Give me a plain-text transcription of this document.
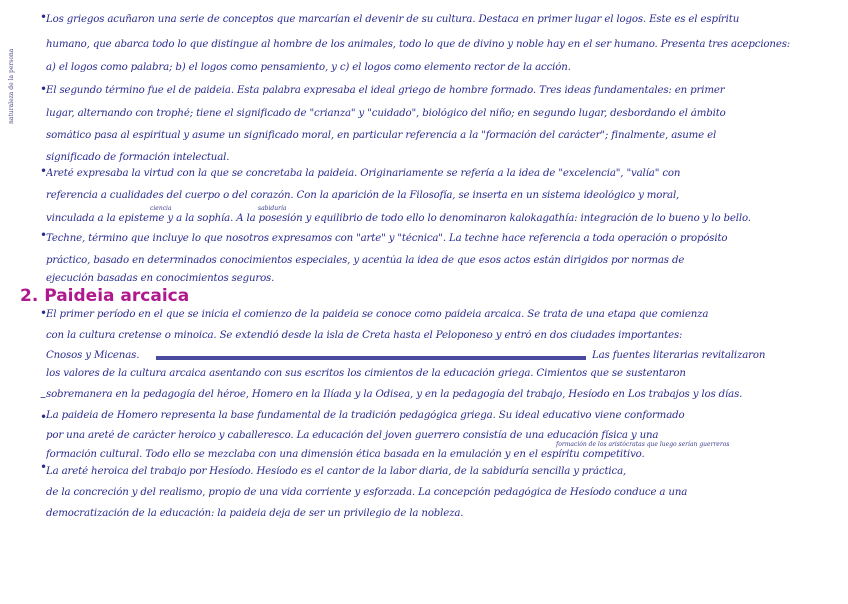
naturaleza de la persona
•
•
•
•
Los griegos acuñaron una serie de conceptos que marcarían el devenir de su cultura. Destaca en primer lugar el logos. Este es el espíritu
humano, que abarca todo lo que distingue al hombre de los animales, todo lo que de divino y noble hay en el ser humano. Presenta tres acepciones:
a) el logos como palabra; b) el logos como pensamiento, y c) el logos como elemento rector de la acción.
El segundo término fue el de paideia. Esta palabra expresaba el ideal griego de hombre formado. Tres ideas fundamentales: en primer
lugar, alternando con trophé; tiene el significado de "crianza" y "cuidado", biológico del niño; en segundo lugar, desbordando el ámbito
somático pasa al espiritual y asume un significado moral, en particular referencia a la "formación del carácter"; finalmente, asume el
significado de formación intelectual.
Areté expresaba la virtud con la que se concretaba la paideia. Originariamente se refería a la idea de "excelencia", "valía" con
referencia a cualidades del cuerpo o del corazón. Con la aparición de la Filosofía, se inserta en un sistema ideológico y moral,
ciencia	sabiduría
vinculada a la episteme y a la sophía. A la posesión y equilibrio de todo ello lo denominaron kalokagathía: integración de lo bueno y lo bello.
Techne, término que incluye lo que nosotros expresamos con "arte" y "técnica". La techne hace referencia a toda operación o propósito
práctico, basado en determinados conocimientos especiales, y acentúa la idea de que esos actos están dirigidos por normas de
ejecución basadas en conocimientos seguros.
2. Paideia arcaica
•
–
•
•
El primer período en el que se inicia el comienzo de la paideia se conoce como paideia arcaica. Se trata de una etapa que comienza
con la cultura cretense o minoica. Se extendió desde la isla de Creta hasta el Peloponeso y entró en dos ciudades importantes:
Cnosos y Micenas.	Las fuentes literarias revitalizaron
los valores de la cultura arcaica asentando con sus escritos los cimientos de la educación griega. Cimientos que se sustentaron
sobremanera en la pedagogía del héroe, Homero en la Ilíada y la Odisea, y en la pedagogía del trabajo, Hesíodo en Los trabajos y los días.
La paideia de Homero representa la base fundamental de la tradición pedagógica griega. Su ideal educativo viene conformado
por una areté de carácter heroico y caballeresco. La educación del joven guerrero consistía de una educación física y una
formación de los aristócratas que luego serían guerreros
formación cultural. Todo ello se mezclaba con una dimensión ética basada en la emulación y en el espíritu competitivo.
La areté heroica del trabajo por Hesíodo. Hesíodo es el cantor de la labor diaria, de la sabiduría sencilla y práctica,
de la concreción y del realismo, propio de una vida corriente y esforzada. La concepción pedagógica de Hesíodo conduce a una
democratización de la educación: la paideia deja de ser un privilegio de la nobleza.
